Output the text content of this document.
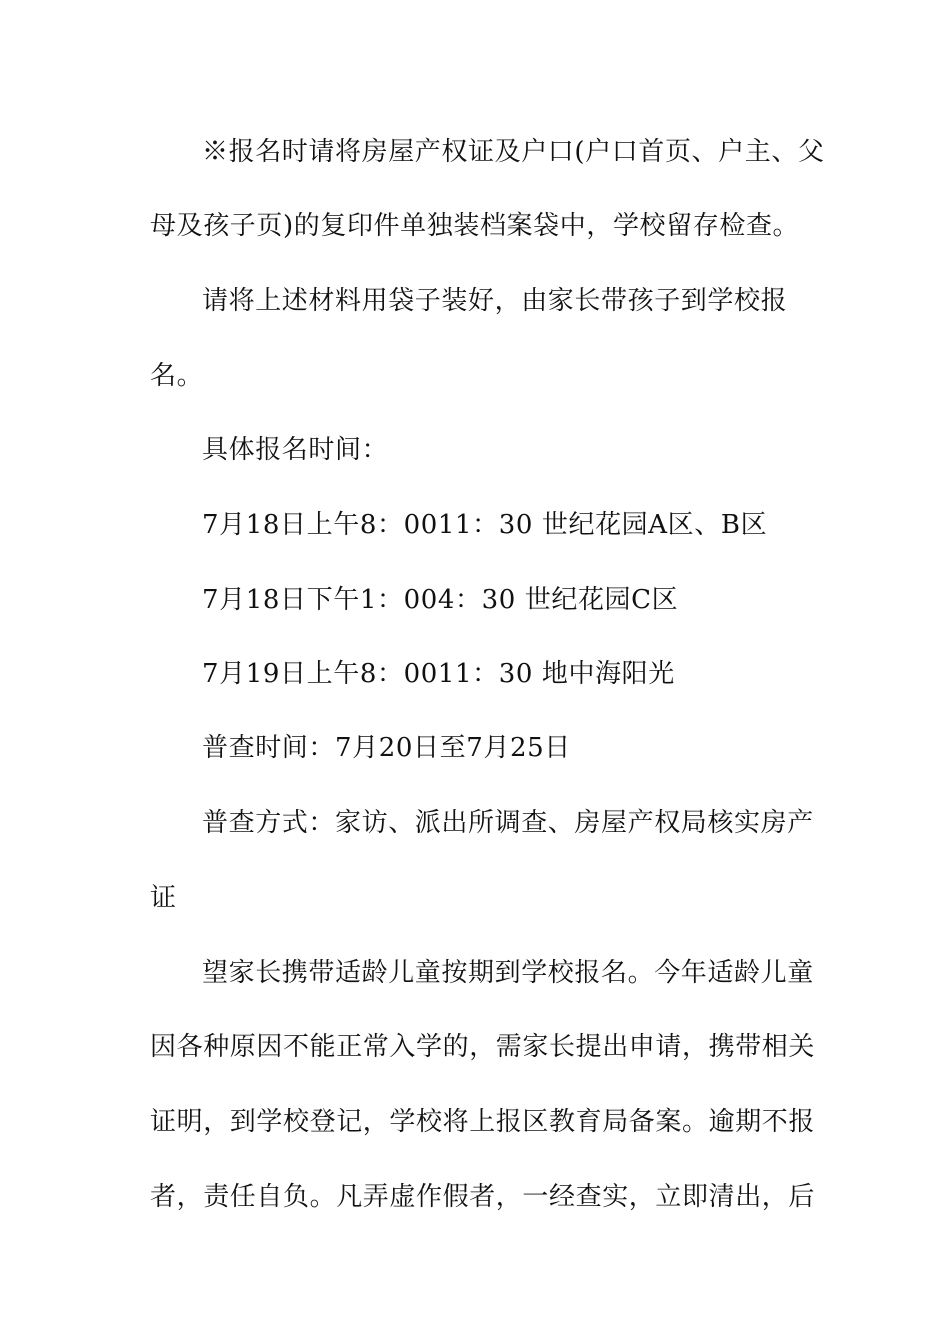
※报名时请将房屋产权证及户口(户口首页、户主、父
母及孩子页)的复印件单独装档案袋中，学校留存检查。
请将上述材料用袋子装好，由家长带孩子到学校报
名。
具体报名时间：
7月18日上午8：0011：30 世纪花园A区、B区
7月18日下午1：004：30 世纪花园C区
7月19日上午8：0011：30 地中海阳光
普查时间：7月20日至7月25日
普查方式：家访、派出所调查、房屋产权局核实房产
证
望家长携带适龄儿童按期到学校报名。今年适龄儿童
因各种原因不能正常入学的，需家长提出申请，携带相关
证明，到学校登记，学校将上报区教育局备案。逾期不报
者，责任自负。凡弄虚作假者，一经查实，立即清出，后
